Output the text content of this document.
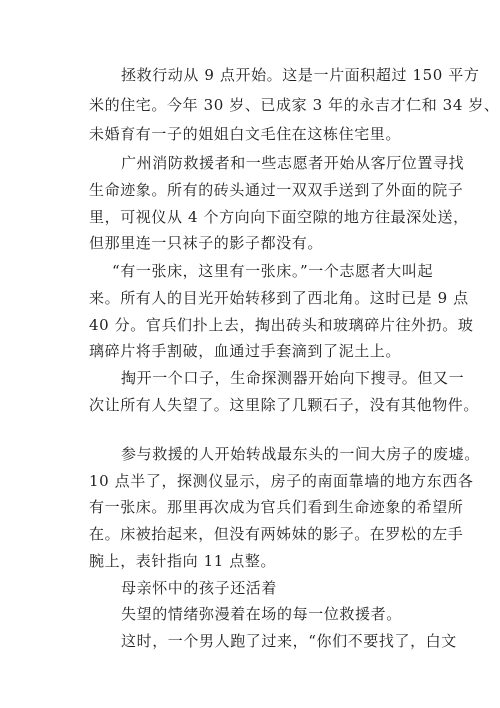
拯救行动从 9 点开始。这是一片面积超过 150 平方
米的住宅。今年 30 岁、已成家 3 年的永吉才仁和 34 岁、
未婚育有一子的姐姐白文毛住在这栋住宅里。
广州消防救援者和一些志愿者开始从客厅位置寻找
生命迹象。所有的砖头通过一双双手送到了外面的院子
里，可视仪从 4 个方向向下面空隙的地方往最深处送，
但那里连一只袜子的影子都没有。
“有一张床，这里有一张床。”一个志愿者大叫起
来。所有人的目光开始转移到了西北角。这时已是 9 点
40 分。官兵们扑上去，掏出砖头和玻璃碎片往外扔。玻
璃碎片将手割破，血通过手套滴到了泥土上。
掏开一个口子，生命探测器开始向下搜寻。但又一
次让所有人失望了。这里除了几颗石子，没有其他物件。
参与救援的人开始转战最东头的一间大房子的废墟。
10 点半了，探测仪显示，房子的南面靠墙的地方东西各
有一张床。那里再次成为官兵们看到生命迹象的希望所
在。床被抬起来，但没有两姊妹的影子。在罗松的左手
腕上，表针指向 11 点整。
母亲怀中的孩子还活着
失望的情绪弥漫着在场的每一位救援者。
这时，一个男人跑了过来，“你们不要找了，白文
